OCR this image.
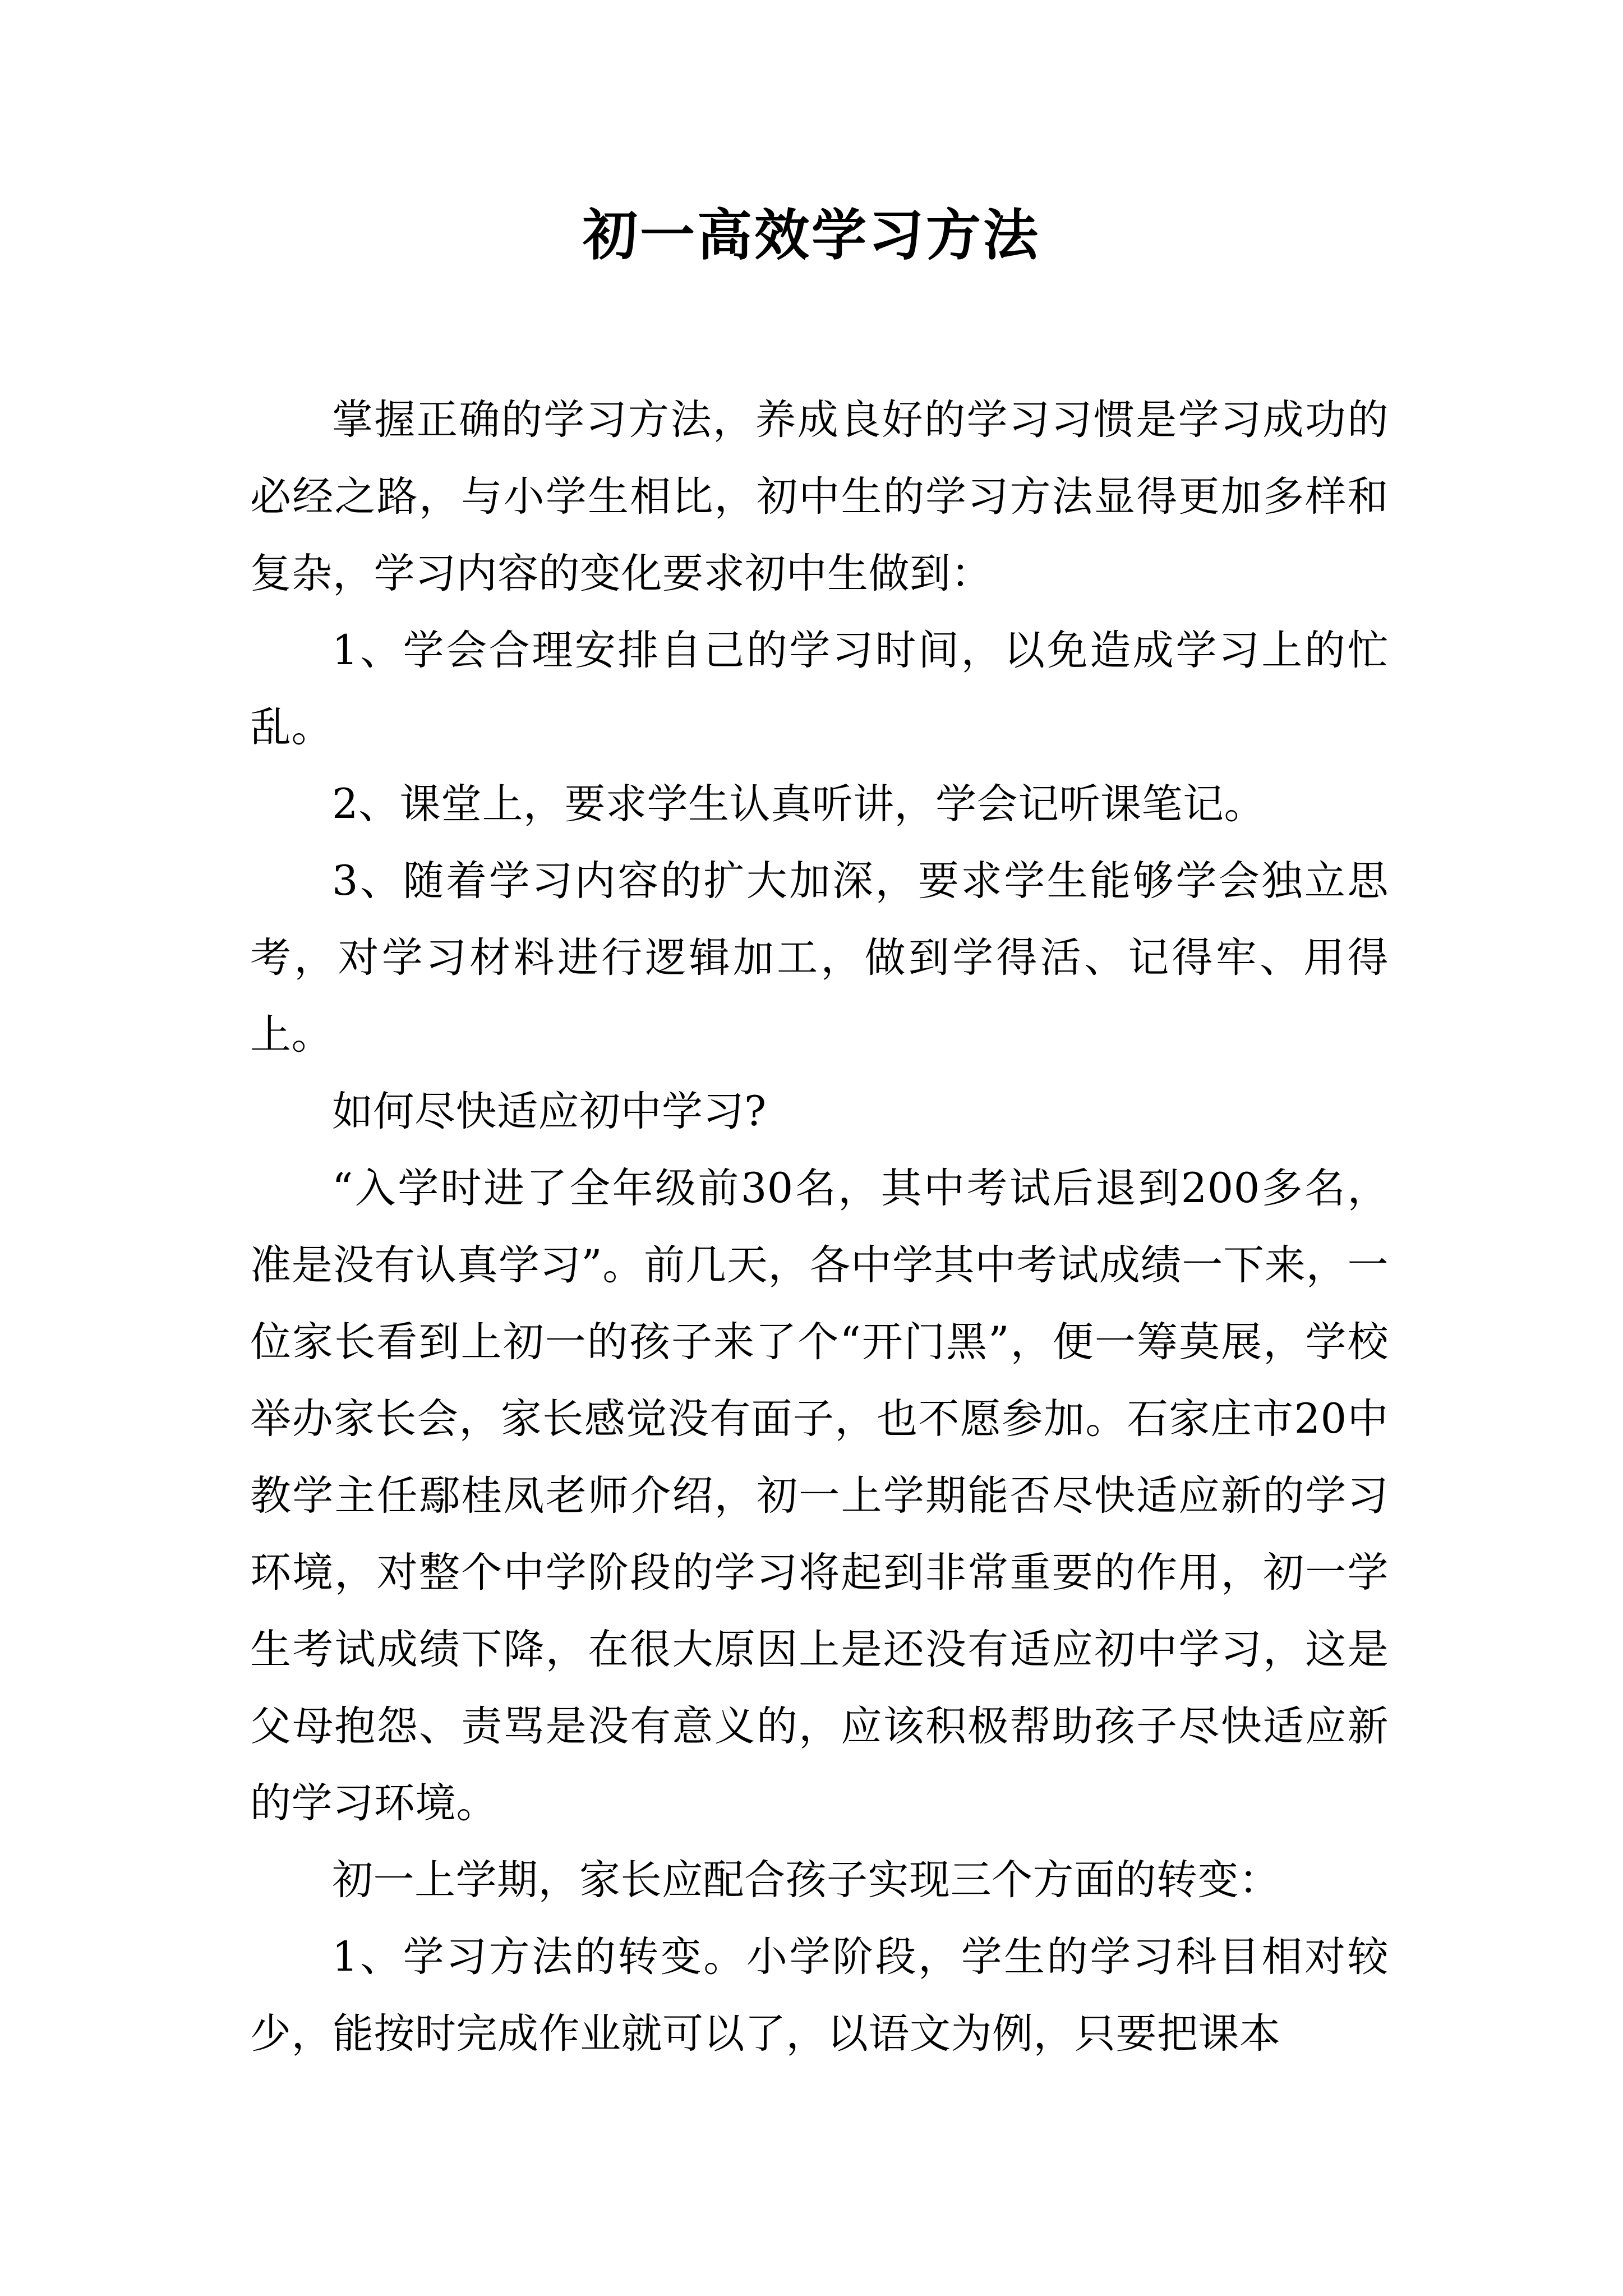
初一高效学习方法

掌握正确的学习方法，养成良好的学习习惯是学习成功的必经之路，与小学生相比，初中生的学习方法显得更加多样和复杂，学习内容的变化要求初中生做到：

1、学会合理安排自己的学习时间，以免造成学习上的忙乱。

2、课堂上，要求学生认真听讲，学会记听课笔记。

3、随着学习内容的扩大加深，要求学生能够学会独立思考，对学习材料进行逻辑加工，做到学得活、记得牢、用得上。

如何尽快适应初中学习?

“入学时进了全年级前30名，其中考试后退到200多名，准是没有认真学习”。前几天，各中学其中考试成绩一下来，一位家长看到上初一的孩子来了个“开门黑”，便一筹莫展，学校举办家长会，家长感觉没有面子，也不愿参加。石家庄市20中教学主任鄢桂凤老师介绍，初一上学期能否尽快适应新的学习环境，对整个中学阶段的学习将起到非常重要的作用，初一学生考试成绩下降，在很大原因上是还没有适应初中学习，这是父母抱怨、责骂是没有意义的，应该积极帮助孩子尽快适应新的学习环境。

初一上学期，家长应配合孩子实现三个方面的转变：

1、学习方法的转变。小学阶段，学生的学习科目相对较少，能按时完成作业就可以了，以语文为例，只要把课本
